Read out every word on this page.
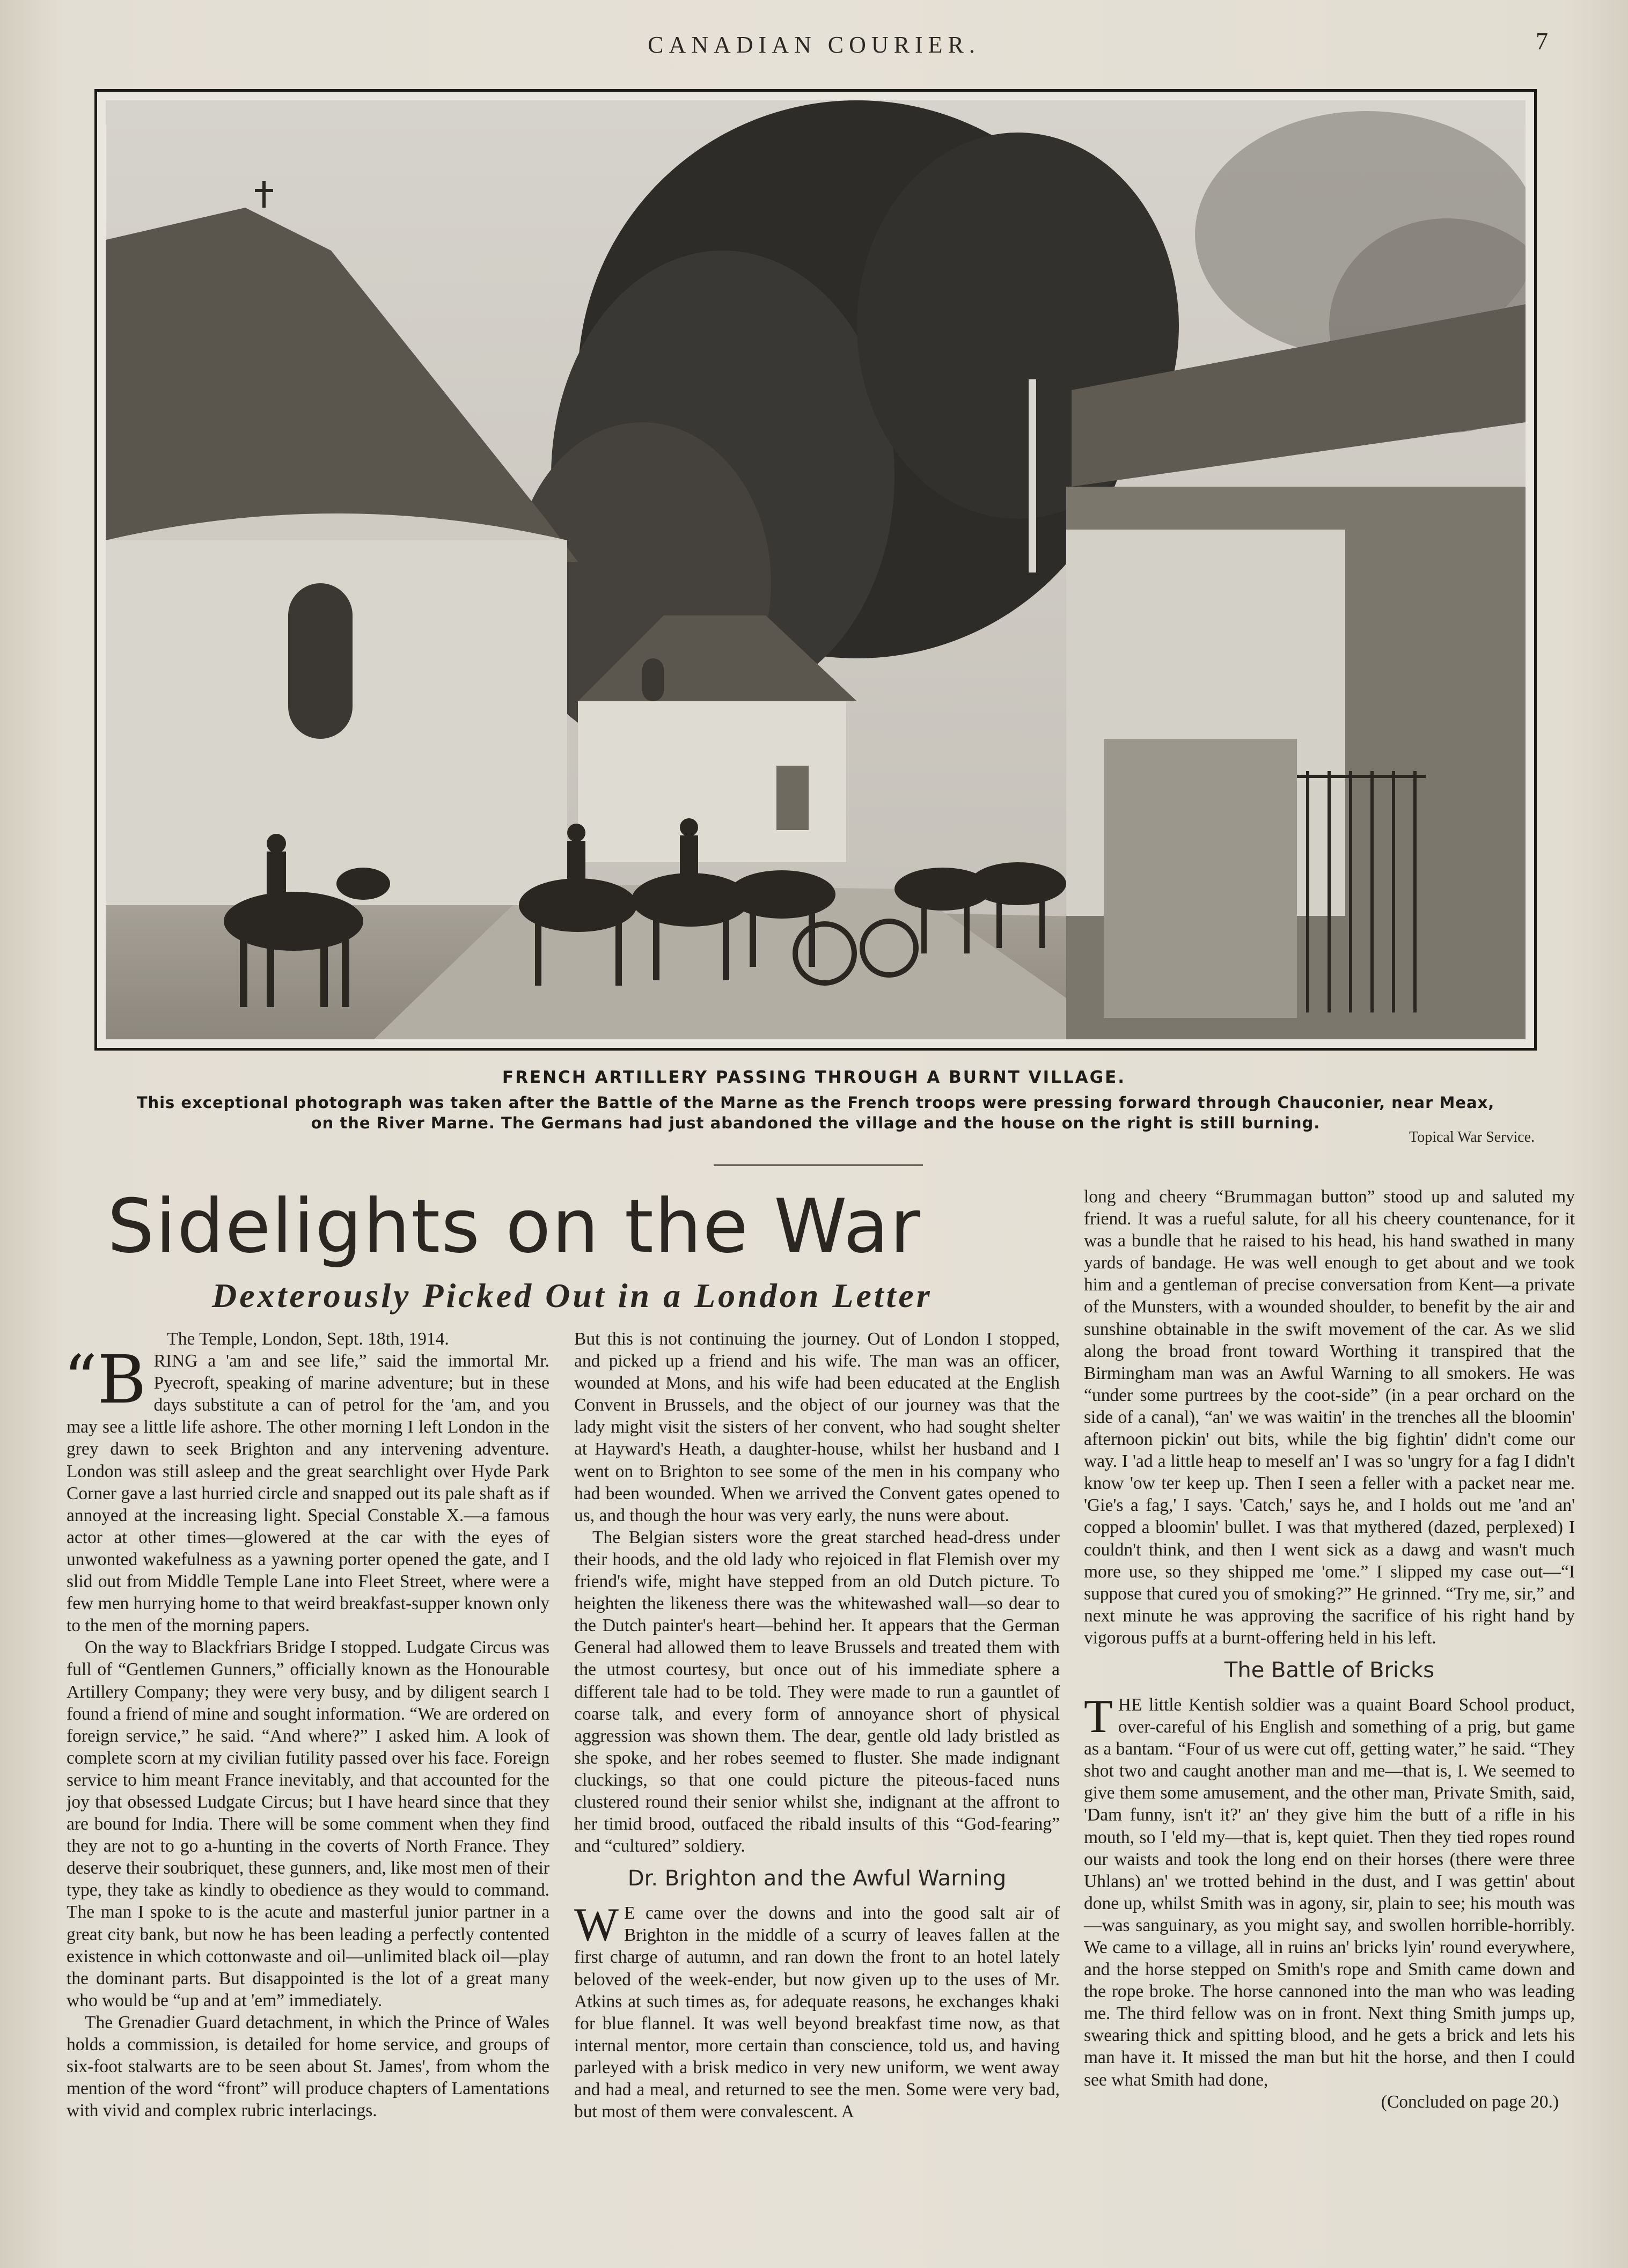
CANADIAN COURIER.	7
FRENCH ARTILLERY PASSING THROUGH A BURNT VILLAGE.
This exceptional photograph was taken after the Battle of the Marne as the French troops were pressing forward through Chauconier, near Meax, on the River Marne. The Germans had just abandoned the village and the house on the right is still burning.
Topical War Service.
Sidelights on the War
Dexterously Picked Out in a London Letter

The Temple, London, Sept. 18th, 1914.

“BRING a 'am and see life,” said the immortal Mr. Pyecroft, speaking of marine adventure; but in these days substitute a can of petrol for the 'am, and you may see a little life ashore. The other morning I left London in the grey dawn to seek Brighton and any intervening adventure. London was still asleep and the great searchlight over Hyde Park Corner gave a last hurried circle and snapped out its pale shaft as if annoyed at the increasing light. Special Constable X.—a famous actor at other times—glowered at the car with the eyes of unwonted wakefulness as a yawning porter opened the gate, and I slid out from Middle Temple Lane into Fleet Street, where were a few men hurrying home to that weird breakfast-supper known only to the men of the morning papers.

On the way to Blackfriars Bridge I stopped. Ludgate Circus was full of “Gentlemen Gunners,” officially known as the Honourable Artillery Company; they were very busy, and by diligent search I found a friend of mine and sought information. “We are ordered on foreign service,” he said. “And where?” I asked him. A look of complete scorn at my civilian futility passed over his face. Foreign service to him meant France inevitably, and that accounted for the joy that obsessed Ludgate Circus; but I have heard since that they are bound for India. There will be some comment when they find they are not to go a-hunting in the coverts of North France. They deserve their soubriquet, these gunners, and, like most men of their type, they take as kindly to obedience as they would to command. The man I spoke to is the acute and masterful junior partner in a great city bank, but now he has been leading a perfectly contented existence in which cottonwaste and oil—unlimited black oil—play the dominant parts. But disappointed is the lot of a great many who would be “up and at 'em” immediately.

The Grenadier Guard detachment, in which the Prince of Wales holds a commission, is detailed for home service, and groups of six-foot stalwarts are to be seen about St. James', from whom the mention of the word “front” will produce chapters of Lamentations with vivid and complex rubric interlacings.

But this is not continuing the journey. Out of London I stopped, and picked up a friend and his wife. The man was an officer, wounded at Mons, and his wife had been educated at the English Convent in Brussels, and the object of our journey was that the lady might visit the sisters of her convent, who had sought shelter at Hayward's Heath, a daughter-house, whilst her husband and I went on to Brighton to see some of the men in his company who had been wounded. When we arrived the Convent gates opened to us, and though the hour was very early, the nuns were about.

The Belgian sisters wore the great starched head-dress under their hoods, and the old lady who rejoiced in flat Flemish over my friend's wife, might have stepped from an old Dutch picture. To heighten the likeness there was the whitewashed wall—so dear to the Dutch painter's heart—behind her. It appears that the German General had allowed them to leave Brussels and treated them with the utmost courtesy, but once out of his immediate sphere a different tale had to be told. They were made to run a gauntlet of coarse talk, and every form of annoyance short of physical aggression was shown them. The dear, gentle old lady bristled as she spoke, and her robes seemed to fluster. She made indignant cluckings, so that one could picture the piteous-faced nuns clustered round their senior whilst she, indignant at the affront to her timid brood, outfaced the ribald insults of this “God-fearing” and “cultured” soldiery.

Dr. Brighton and the Awful Warning

W E came over the downs and into the good salt air of Brighton in the middle of a scurry of leaves fallen at the first charge of autumn, and ran down the front to an hotel lately beloved of the week-ender, but now given up to the uses of Mr. Atkins at such times as, for adequate reasons, he exchanges khaki for blue flannel. It was well beyond breakfast time now, as that internal mentor, more certain than conscience, told us, and having parleyed with a brisk medico in very new uniform, we went away and had a meal, and returned to see the men. Some were very bad, but most of them were convalescent. A

long and cheery “Brummagan button” stood up and saluted my friend. It was a rueful salute, for all his cheery countenance, for it was a bundle that he raised to his head, his hand swathed in many yards of bandage. He was well enough to get about and we took him and a gentleman of precise conversation from Kent—a private of the Munsters, with a wounded shoulder, to benefit by the air and sunshine obtainable in the swift movement of the car. As we slid along the broad front toward Worthing it transpired that the Birmingham man was an Awful Warning to all smokers. He was “under some purtrees by the coot-side” (in a pear orchard on the side of a canal), “an' we was waitin' in the trenches all the bloomin' afternoon pickin' out bits, while the big fightin' didn't come our way. I 'ad a little heap to meself an' I was so 'ungry for a fag I didn't know 'ow ter keep up. Then I seen a feller with a packet near me. 'Gie's a fag,' I says. 'Catch,' says he, and I holds out me 'and an' copped a bloomin' bullet. I was that mythered (dazed, perplexed) I couldn't think, and then I went sick as a dawg and wasn't much more use, so they shipped me 'ome.” I slipped my case out—“I suppose that cured you of smoking?” He grinned. “Try me, sir,” and next minute he was approving the sacrifice of his right hand by vigorous puffs at a burnt-offering held in his left.

The Battle of Bricks

THE little Kentish soldier was a quaint Board School product, over-careful of his English and something of a prig, but game as a bantam. “Four of us were cut off, getting water,” he said. “They shot two and caught another man and me—that is, I. We seemed to give them some amusement, and the other man, Private Smith, said, 'Dam funny, isn't it?' an' they give him the butt of a rifle in his mouth, so I 'eld my—that is, kept quiet. Then they tied ropes round our waists and took the long end on their horses (there were three Uhlans) an' we trotted behind in the dust, and I was gettin' about done up, whilst Smith was in agony, sir, plain to see; his mouth was—was sanguinary, as you might say, and swollen horrible-horribly. We came to a village, all in ruins an' bricks lyin' round everywhere, and the horse stepped on Smith's rope and Smith came down and the rope broke. The horse cannoned into the man who was leading me. The third fellow was on in front. Next thing Smith jumps up, swearing thick and spitting blood, and he gets a brick and lets his man have it. It missed the man but hit the horse, and then I could see what Smith had done,

(Concluded on page 20.)
